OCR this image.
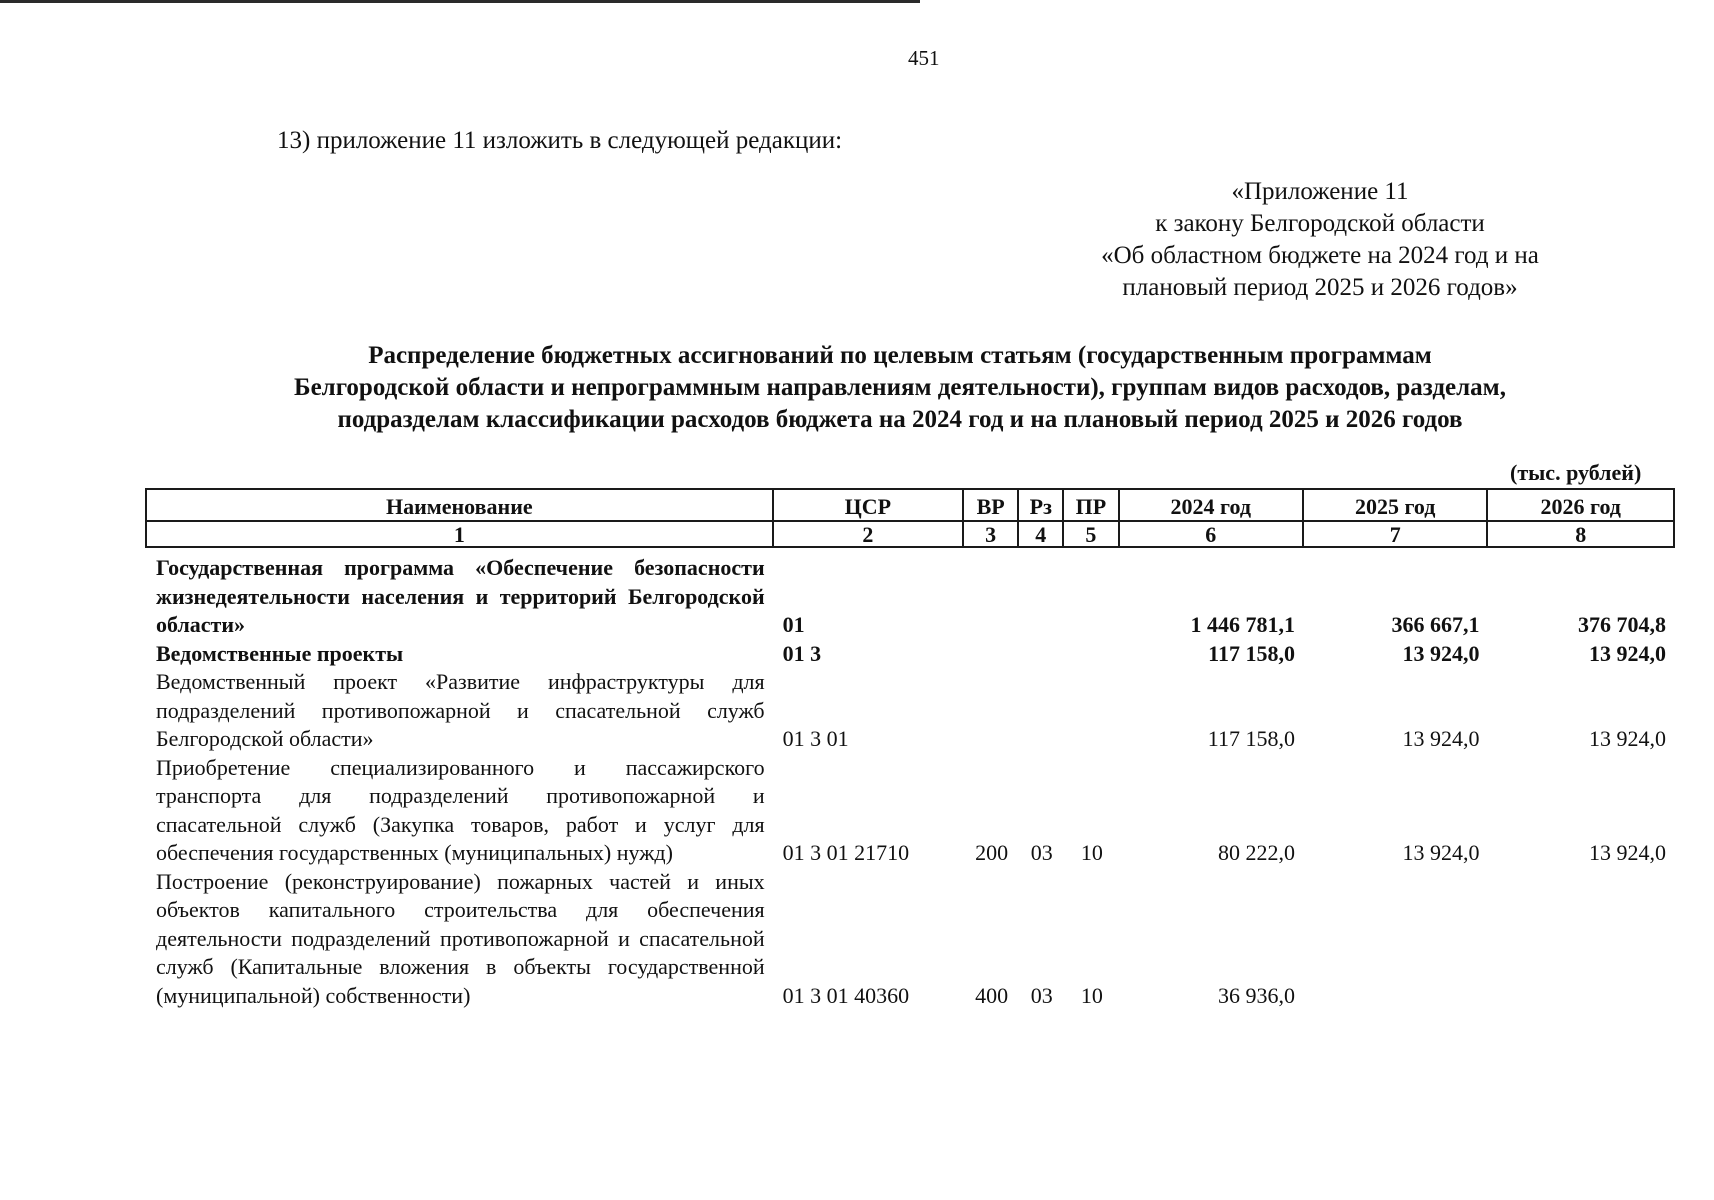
451
13) приложение 11 изложить в следующей редакции:
«Приложение 11
к закону Белгородской области
«Об областном бюджете на 2024 год и на
плановый период 2025 и 2026 годов»
Распределение бюджетных ассигнований по целевым статьям (государственным программам
Белгородской области и непрограммным направлениям деятельности), группам видов расходов, разделам,
подразделам классификации расходов бюджета на 2024 год и на плановый период 2025 и 2026 годов
(тыс. рублей)
Наименование	ЦСР	ВР	Рз	ПР	2024 год	2025 год	2026 год
1	2	3	4	5	6	7	8
Государственная программа «Обеспечение безопасности жизнедеятельности населения и территорий Белгородской области»	01				1 446 781,1	366 667,1	376 704,8
Ведомственные проекты	01 3				117 158,0	13 924,0	13 924,0
Ведомственный проект «Развитие инфраструктуры для подразделений противопожарной и спасательной служб Белгородской области»	01 3 01				117 158,0	13 924,0	13 924,0
Приобретение специализированного и пассажирского транспорта для подразделений противопожарной и спасательной служб (Закупка товаров, работ и услуг для обеспечения государственных (муниципальных) нужд)	01 3 01 21710	200	03	10	80 222,0	13 924,0	13 924,0
Построение (реконструирование) пожарных частей и иных объектов капитального строительства для обеспечения деятельности подразделений противопожарной и спасательной служб (Капитальные вложения в объекты государственной (муниципальной) собственности)	01 3 01 40360	400	03	10	36 936,0		
